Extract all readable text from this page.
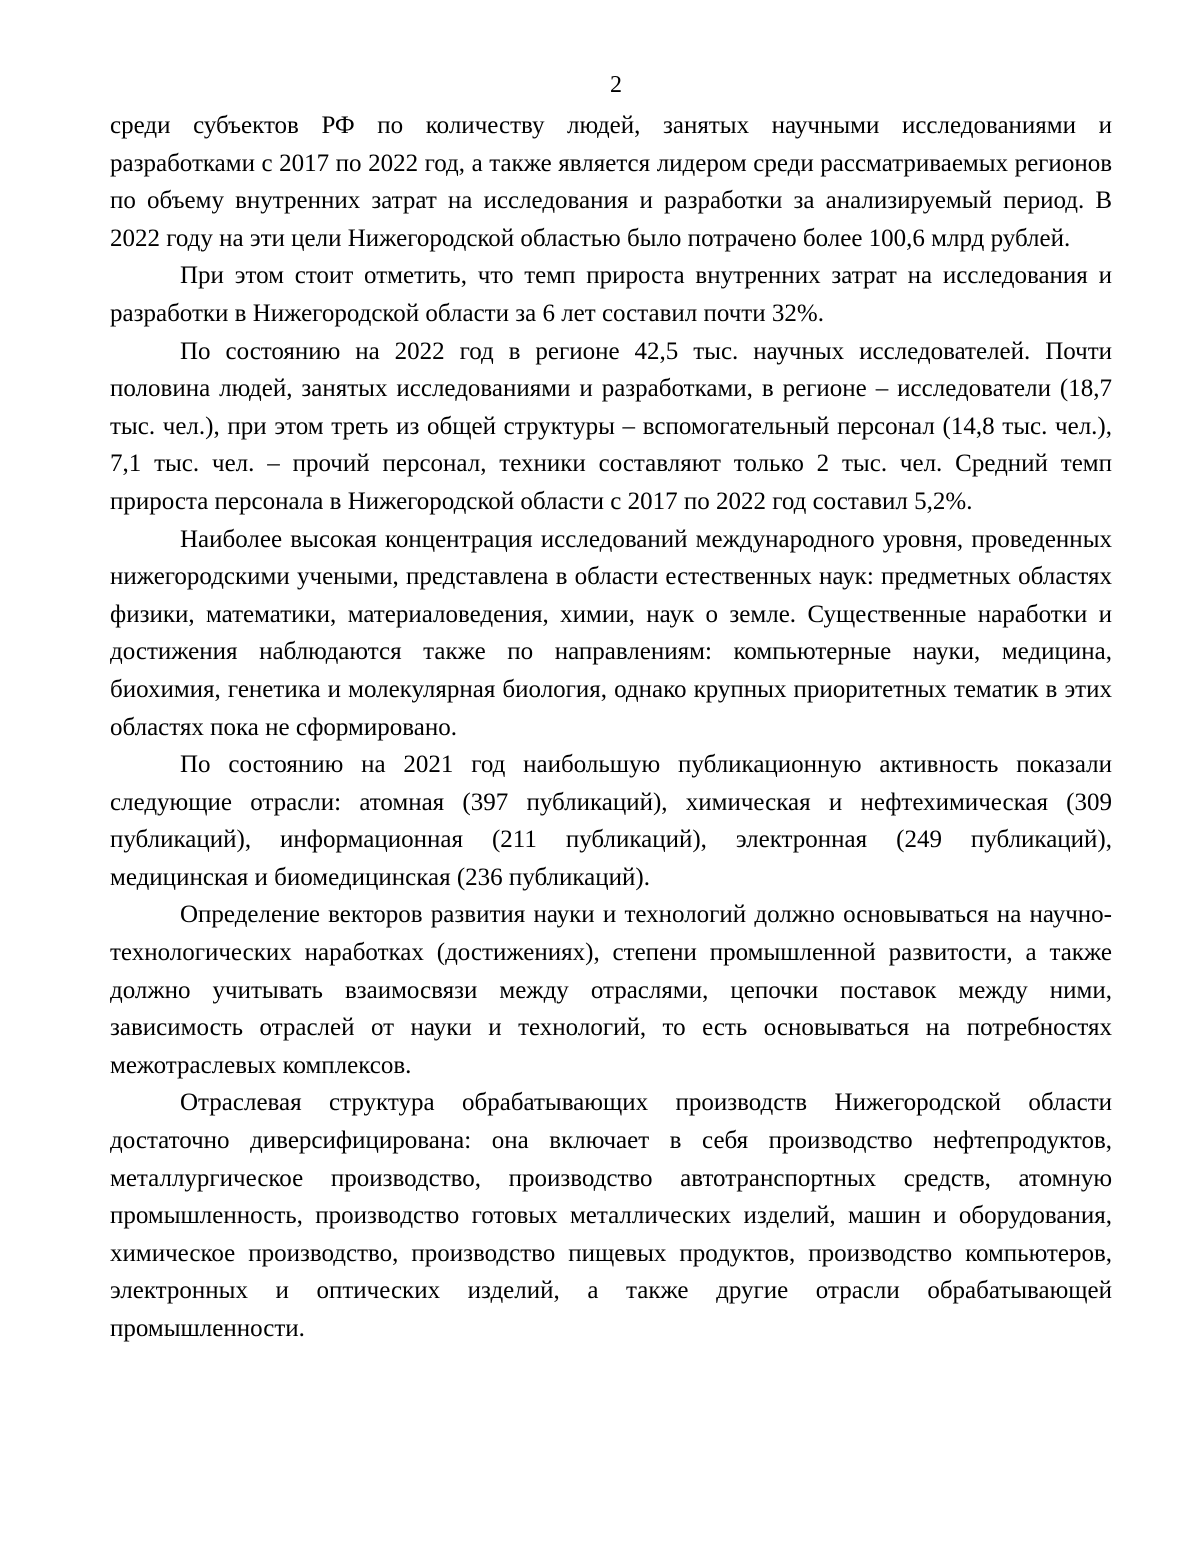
2

среди субъектов РФ по количеству людей, занятых научными исследованиями и разработками с 2017 по 2022 год, а также является лидером среди рассматриваемых регионов по объему внутренних затрат на исследования и разработки за анализируемый период. В 2022 году на эти цели Нижегородской областью было потрачено более 100,6 млрд рублей.

При этом стоит отметить, что темп прироста внутренних затрат на исследования и разработки в Нижегородской области за 6 лет составил почти 32%.

По состоянию на 2022 год в регионе 42,5 тыс. научных исследователей. Почти половина людей, занятых исследованиями и разработками, в регионе – исследователи (18,7 тыс. чел.), при этом треть из общей структуры – вспомогательный персонал (14,8 тыс. чел.), 7,1 тыс. чел. – прочий персонал, техники составляют только 2 тыс. чел. Средний темп прироста персонала в Нижегородской области с 2017 по 2022 год составил 5,2%.

Наиболее высокая концентрация исследований международного уровня, проведенных нижегородскими учеными, представлена в области естественных наук: предметных областях физики, математики, материаловедения, химии, наук о земле. Существенные наработки и достижения наблюдаются также по направлениям: компьютерные науки, медицина, биохимия, генетика и молекулярная биология, однако крупных приоритетных тематик в этих областях пока не сформировано.

По состоянию на 2021 год наибольшую публикационную активность показали следующие отрасли: атомная (397 публикаций), химическая и нефтехимическая (309 публикаций), информационная (211 публикаций), электронная (249 публикаций), медицинская и биомедицинская (236 публикаций).

Определение векторов развития науки и технологий должно основываться на научно-технологических наработках (достижениях), степени промышленной развитости, а также должно учитывать взаимосвязи между отраслями, цепочки поставок между ними, зависимость отраслей от науки и технологий, то есть основываться на потребностях межотраслевых комплексов.

Отраслевая структура обрабатывающих производств Нижегородской области достаточно диверсифицирована: она включает в себя производство нефтепродуктов, металлургическое производство, производство автотранспортных средств, атомную промышленность, производство готовых металлических изделий, машин и оборудования, химическое производство, производство пищевых продуктов, производство компьютеров, электронных и оптических изделий, а также другие отрасли обрабатывающей промышленности.
